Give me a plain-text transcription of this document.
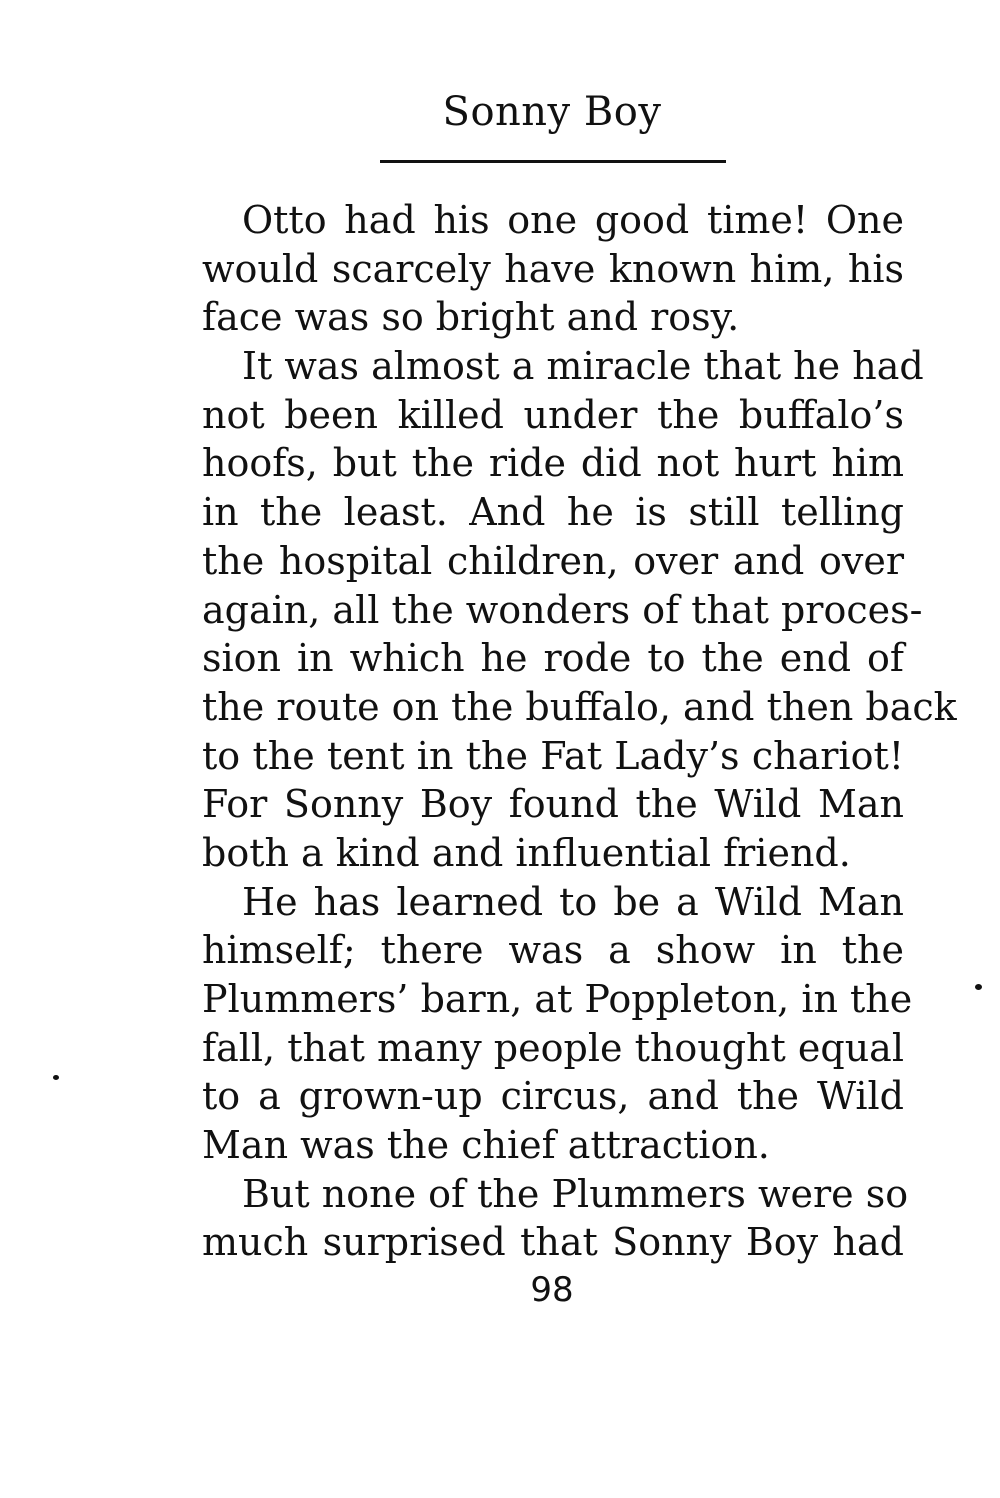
Sonny Boy
Otto had his one good time! One
would scarcely have known him, his
face was so bright and rosy.
It was almost a miracle that he had
not been killed under the buffalo’s
hoofs, but the ride did not hurt him
in the least. And he is still telling
the hospital children, over and over
again, all the wonders of that proces-
sion in which he rode to the end of
the route on the buffalo, and then back
to the tent in the Fat Lady’s chariot!
For Sonny Boy found the Wild Man
both a kind and influential friend.
He has learned to be a Wild Man
himself; there was a show in the
Plummers’ barn, at Poppleton, in the
fall, that many people thought equal
to a grown-up circus, and the Wild
Man was the chief attraction.
But none of the Plummers were so
much surprised that Sonny Boy had
98
